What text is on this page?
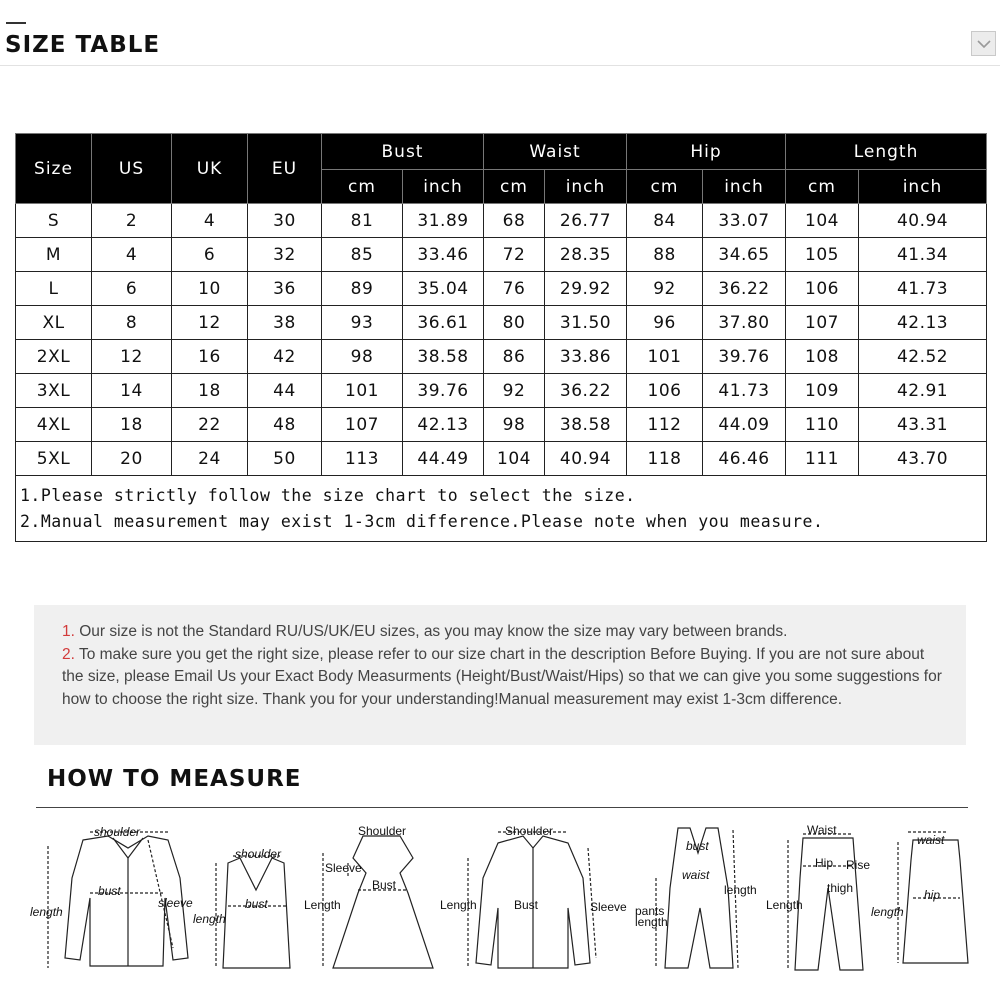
SIZE TABLE
Size	US	UK	EU	Bust		Waist		Hip		Length	
				cm	inch	cm	inch	cm	inch	cm	inch
S	2	4	30	81	31.89	68	26.77	84	33.07	104	40.94
M	4	6	32	85	33.46	72	28.35	88	34.65	105	41.34
L	6	10	36	89	35.04	76	29.92	92	36.22	106	41.73
XL	8	12	38	93	36.61	80	31.50	96	37.80	107	42.13
2XL	12	16	42	98	38.58	86	33.86	101	39.76	108	42.52
3XL	14	18	44	101	39.76	92	36.22	106	41.73	109	42.91
4XL	18	22	48	107	42.13	98	38.58	112	44.09	110	43.31
5XL	20	24	50	113	44.49	104	40.94	118	46.46	111	43.70

1.Please strictly follow the size chart to select the size.
2.Manual measurement may exist 1-3cm difference.Please note when you measure.											

1. Our size is not the Standard RU/US/UK/EU sizes, as you may know the size may vary between brands.

2. To make sure you get the right size, please refer to our size chart in the description Before Buying. If you are not sure about the size, please Email Us your Exact Body Measurments (Height/Bust/Waist/Hips) so that we can give you some suggestions for how to choose the right size. Thank you for your understanding!Manual measurement may exist 1-3cm difference.

HOW TO MEASURE
shoulder
bust
sleeve
length
shoulder
bust
length
Shoulder
Sleeve
Bust
Length
Shoulder
Bust
Length	Sleeve
bust
waist
length
pants
length
Waist
Hip Rise
thigh
Length
waist
hip
length
